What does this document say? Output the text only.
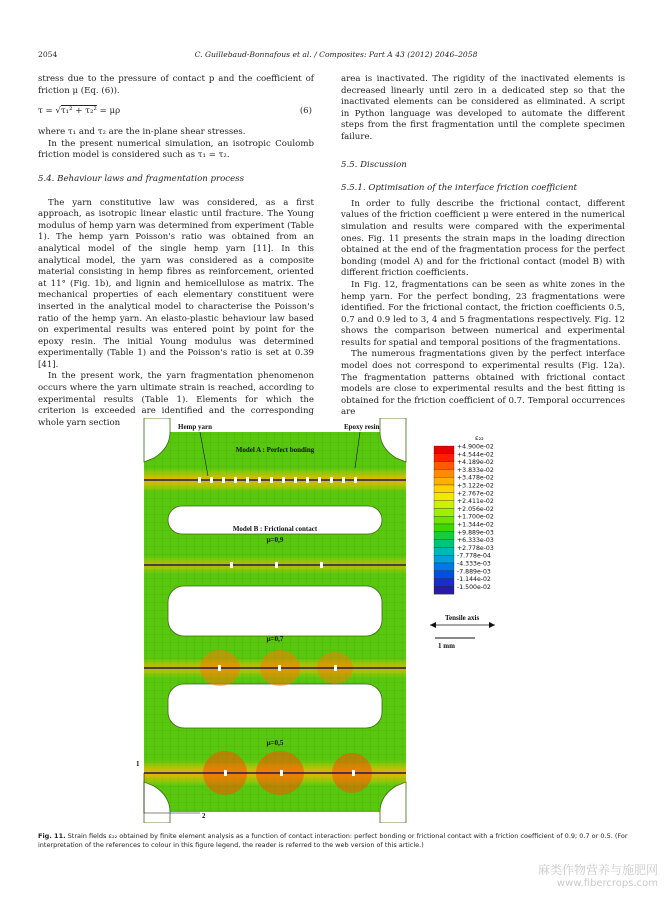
2054	C. Guillebaud-Bonnafous et al. / Composites: Part A 43 (2012) 2046–2058

stress due to the pressure of contact p and the coefficient of friction μ (Eq. (6)).

τ = √τ₁² + τ₂² = μρ	(6)

where τ₁ and τ₂ are the in-plane shear stresses.

In the present numerical simulation, an isotropic Coulomb friction model is considered such as τ₁ = τ₂.

5.4. Behaviour laws and fragmentation process

The yarn constitutive law was considered, as a first approach, as isotropic linear elastic until fracture. The Young modulus of hemp yarn was determined from experiment (Table 1). The hemp yarn Poisson's ratio was obtained from an analytical model of the single hemp yarn [11]. In this analytical model, the yarn was considered as a composite material consisting in hemp fibres as reinforcement, oriented at 11° (Fig. 1b), and lignin and hemicellulose as matrix. The mechanical properties of each elementary constituent were inserted in the analytical model to characterise the Poisson's ratio of the hemp yarn. An elasto-plastic behaviour law based on experimental results was entered point by point for the epoxy resin. The initial Young modulus was determined experimentally (Table 1) and the Poisson's ratio is set at 0.39 [41].

In the present work, the yarn fragmentation phenomenon occurs where the yarn ultimate strain is reached, according to experimental results (Table 1). Elements for which the criterion is exceeded are identified and the corresponding whole yarn section

area is inactivated. The rigidity of the inactivated elements is decreased linearly until zero in a dedicated step so that the inactivated elements can be considered as eliminated. A script in Python language was developed to automate the different steps from the first fragmentation until the complete specimen failure.

5.5. Discussion

5.5.1. Optimisation of the interface friction coefficient

In order to fully describe the frictional contact, different values of the friction coefficient μ were entered in the numerical simulation and results were compared with the experimental ones. Fig. 11 presents the strain maps in the loading direction obtained at the end of the fragmentation process for the perfect bonding (model A) and for the frictional contact (model B) with different friction coefficients.

In Fig. 12, fragmentations can be seen as white zones in the hemp yarn. For the perfect bonding, 23 fragmentations were identified. For the frictional contact, the friction coefficients 0.5, 0.7 and 0.9 led to 3, 4 and 5 fragmentations respectively. Fig. 12 shows the comparison between numerical and experimental results for spatial and temporal positions of the fragmentations.

The numerous fragmentations given by the perfect interface model does not correspond to experimental results (Fig. 12a). The fragmentation patterns obtained with frictional contact models are close to experimental results and the best fitting is obtained for the friction coefficient of 0.7. Temporal occurrences are

Hemp yarn	Epoxy resin
Model A : Perfect bonding
Model B : Frictional contact
μ=0,9
μ=0,7
μ=0,5
ε₂₂
+4.900e-02
+4.544e-02
+4.189e-02
+3.833e-02
+3.478e-02
+3.122e-02
+2.767e-02
+2.411e-02
+2.056e-02
+1.700e-02
+1.344e-02
+9.889e-03
+6.333e-03
+2.778e-03
-7.778e-04
-4.333e-03
-7.889e-03
-1.144e-02
-1.500e-02
Tensile axis
1 mm
1
2
Fig. 11. Strain fields ε₂₂ obtained by finite element analysis as a function of contact interaction: perfect bonding or frictional contact with a friction coefficient of 0.9; 0.7 or 0.5. (For interpretation of the references to colour in this figure legend, the reader is referred to the web version of this article.)
麻类作物营养与施肥网
www.fibercrops.com
